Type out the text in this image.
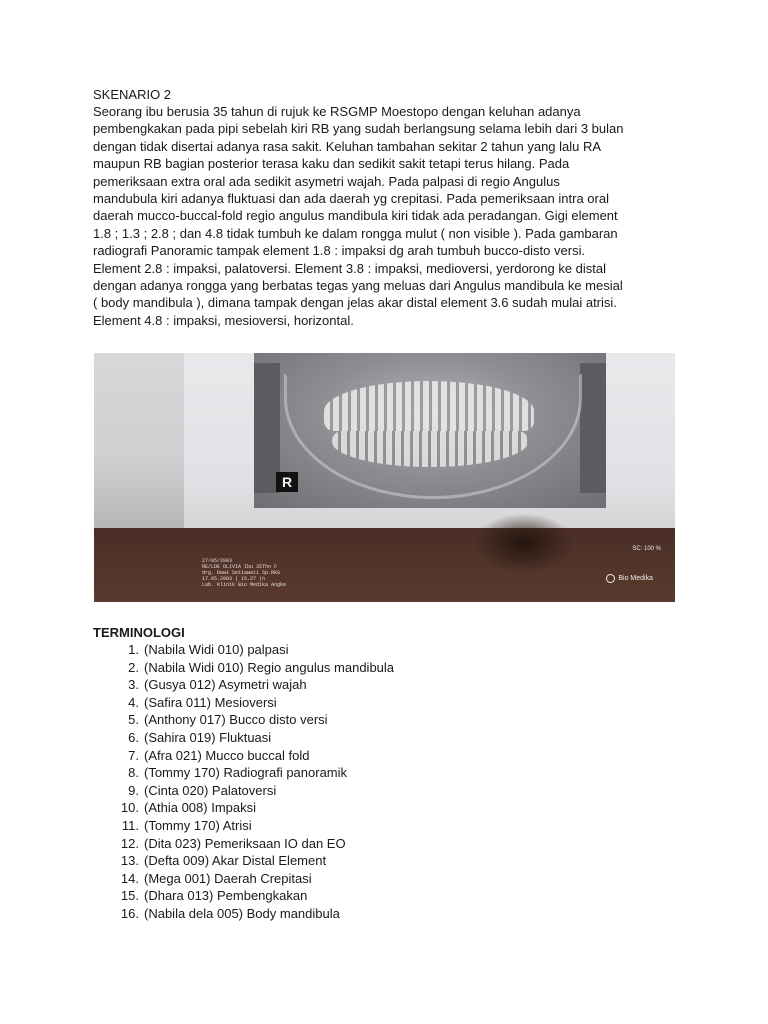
SKENARIO 2

Seorang ibu berusia 35 tahun di rujuk ke RSGMP Moestopo dengan keluhan adanya
pembengkakan pada pipi sebelah kiri RB yang sudah berlangsung selama lebih dari 3 bulan
dengan tidak disertai adanya rasa sakit. Keluhan tambahan sekitar 2 tahun yang lalu RA
maupun RB bagian posterior terasa kaku dan sedikit sakit tetapi terus hilang. Pada
pemeriksaan extra oral ada sedikit asymetri wajah. Pada palpasi di regio Angulus
mandubula kiri adanya fluktuasi dan ada daerah yg crepitasi. Pada pemeriksaan intra oral
daerah mucco-buccal-fold regio angulus mandibula kiri tidak ada peradangan. Gigi element
1.8 ; 1.3 ; 2.8 ; dan 4.8 tidak tumbuh ke dalam rongga mulut ( non visible ). Pada gambaran
radiografi Panoramic tampak element 1.8 : impaksi dg arah tumbuh bucco-disto versi.
Element 2.8 : impaksi, palatoversi. Element 3.8 : impaksi, medioversi, yerdorong ke distal
dengan adanya rongga yang berbatas tegas yang meluas dari Angulus mandibula ke mesial
( body mandibula ), dimana tampak dengan jelas akar distal element 3.6 sudah mulai atrisi.
Element 4.8 : impaksi, mesioversi, horizontal.
R
27/05/2003
RE/LDE OLIVIA Ibu 35Thn F
drg. Dewi Setiawati Sp.RKG
17.05.2003 | 15.27 |n
Lab. Klinik Bio Medika Angke
SC: 100 %
Bio Medika

TERMINOLOGI

1. (Nabila Widi 010) palpasi
2. (Nabila Widi 010) Regio angulus mandibula
3. (Gusya 012) Asymetri wajah
4. (Safira 011) Mesioversi
5. (Anthony 017) Bucco disto versi
6. (Sahira 019) Fluktuasi
7. (Afra 021) Mucco buccal fold
8. (Tommy 170) Radiografi panoramik
9. (Cinta 020) Palatoversi
10. (Athia 008) Impaksi
11. (Tommy 170) Atrisi
12. (Dita 023) Pemeriksaan IO dan EO
13. (Defta 009) Akar Distal Element
14. (Mega 001) Daerah Crepitasi
15. (Dhara 013) Pembengkakan
16. (Nabila dela 005) Body mandibula
